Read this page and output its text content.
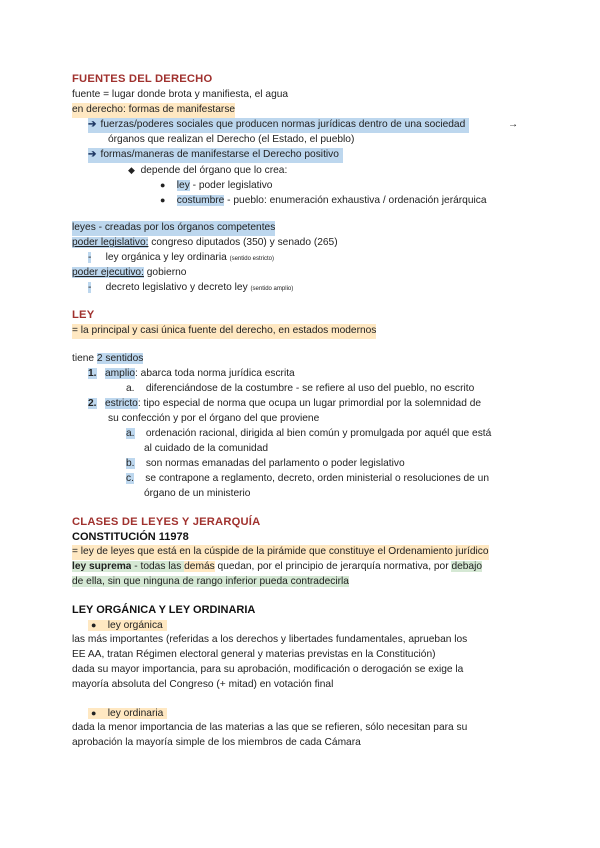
FUENTES DEL DERECHO
fuente = lugar donde brota y manifiesta, el agua
en derecho: formas de manifestarse
➔ fuerzas/poderes sociales que producen normas jurídicas dentro de una sociedad	→
órganos que realizan el Derecho (el Estado, el pueblo)
➔ formas/maneras de manifestarse el Derecho positivo
◆ depende del órgano que lo crea:
● ley - poder legislativo
● costumbre - pueblo: enumeración exhaustiva / ordenación jerárquica
leyes - creadas por los órganos competentes
poder legislativo: congreso diputados (350) y senado (265)
- ley orgánica y ley ordinaria (sentido estricto)
poder ejecutivo: gobierno
- decreto legislativo y decreto ley (sentido amplio)
LEY
= la principal y casi única fuente del derecho, en estados modernos
tiene 2 sentidos
1. amplio: abarca toda norma jurídica escrita
a. diferenciándose de la costumbre - se refiere al uso del pueblo, no escrito
2. estricto: tipo especial de norma que ocupa un lugar primordial por la solemnidad de
su confección y por el órgano del que proviene
a. ordenación racional, dirigida al bien común y promulgada por aquél que está
al cuidado de la comunidad
b. son normas emanadas del parlamento o poder legislativo
c. se contrapone a reglamento, decreto, orden ministerial o resoluciones de un
órgano de un ministerio
CLASES DE LEYES Y JERARQUÍA
CONSTITUCIÓN 11978
= ley de leyes que está en la cúspide de la pirámide que constituye el Ordenamiento jurídico
ley suprema - todas las demás quedan, por el principio de jerarquía normativa, por debajo
de ella, sin que ninguna de rango inferior pueda contradecirla
LEY ORGÁNICA Y LEY ORDINARIA
● ley orgánica
las más importantes (referidas a los derechos y libertades fundamentales, aprueban los
EE AA, tratan Régimen electoral general y materias previstas en la Constitución)
dada su mayor importancia, para su aprobación, modificación o derogación se exige la
mayoría absoluta del Congreso (+ mitad) en votación final
● ley ordinaria
dada la menor importancia de las materias a las que se refieren, sólo necesitan para su
aprobación la mayoría simple de los miembros de cada Cámara
